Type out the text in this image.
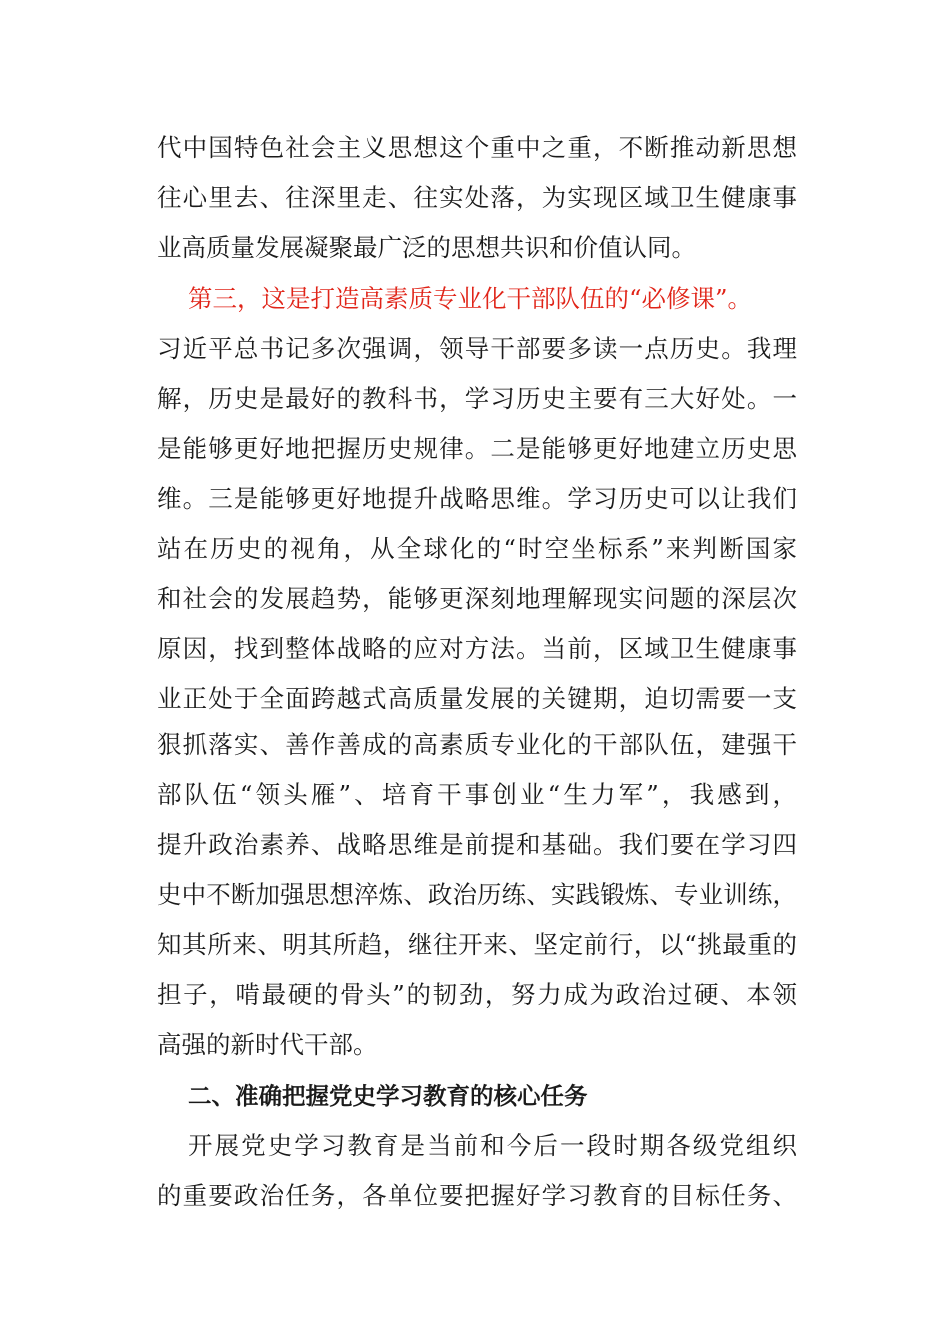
代中国特色社会主义思想这个重中之重，不断推动新思想
往心里去、往深里走、往实处落，为实现区域卫生健康事
业高质量发展凝聚最广泛的思想共识和价值认同。
第三，这是打造高素质专业化干部队伍的“必修课”。
习近平总书记多次强调，领导干部要多读一点历史。我理
解，历史是最好的教科书，学习历史主要有三大好处。一
是能够更好地把握历史规律。二是能够更好地建立历史思
维。三是能够更好地提升战略思维。学习历史可以让我们
站在历史的视角，从全球化的“时空坐标系”来判断国家
和社会的发展趋势，能够更深刻地理解现实问题的深层次
原因，找到整体战略的应对方法。当前，区域卫生健康事
业正处于全面跨越式高质量发展的关键期，迫切需要一支
狠抓落实、善作善成的高素质专业化的干部队伍，建强干
部队伍“领头雁”、培育干事创业“生力军”，我感到，
提升政治素养、战略思维是前提和基础。我们要在学习四
史中不断加强思想淬炼、政治历练、实践锻炼、专业训练，
知其所来、明其所趋，继往开来、坚定前行，以“挑最重的
担子，啃最硬的骨头”的韧劲，努力成为政治过硬、本领
高强的新时代干部。
二、准确把握党史学习教育的核心任务
开展党史学习教育是当前和今后一段时期各级党组织
的重要政治任务，各单位要把握好学习教育的目标任务、
